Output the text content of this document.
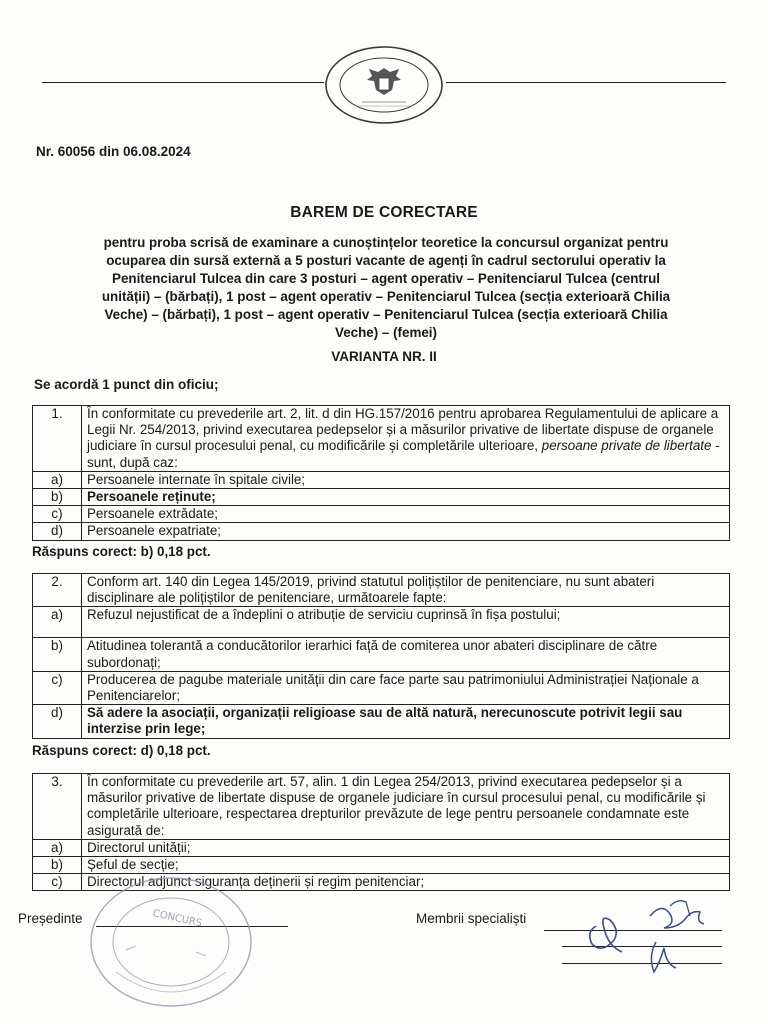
Nr. 60056 din 06.08.2024
BAREM DE CORECTARE
pentru proba scrisă de examinare a cunoștințelor teoretice la concursul organizat pentru
ocuparea din sursă externă a 5 posturi vacante de agenți în cadrul sectorului operativ la
Penitenciarul Tulcea din care 3 posturi – agent operativ – Penitenciarul Tulcea (centrul
unității) – (bărbați), 1 post – agent operativ – Penitenciarul Tulcea (secția exterioară Chilia
Veche) – (bărbați), 1 post – agent operativ – Penitenciarul Tulcea (secția exterioară Chilia
Veche) – (femei)
VARIANTA NR. II
Se acordă 1 punct din oficiu;
1.	În conformitate cu prevederile art. 2, lit. d din HG.157/2016 pentru aprobarea Regulamentului de aplicare a Legii Nr. 254/2013, privind executarea pedepselor și a măsurilor privative de libertate dispuse de organele judiciare în cursul procesului penal, cu modificările și completările ulterioare, persoane private de libertate - sunt, după caz:
a)	Persoanele internate în spitale civile;
b)	Persoanele reținute;
c)	Persoanele extrădate;
d)	Persoanele expatriate;
Răspuns corect: b) 0,18 pct.
2.	Conform art. 140 din Legea 145/2019, privind statutul polițiștilor de penitenciare, nu sunt abateri disciplinare ale polițiștilor de penitenciare, următoarele fapte:
a)	Refuzul nejustificat de a îndeplini o atribuție de serviciu cuprinsă în fișa postului;
b)	Atitudinea tolerantă a conducătorilor ierarhici față de comiterea unor abateri disciplinare de către subordonați;
c)	Producerea de pagube materiale unității din care face parte sau patrimoniului Administrației Naționale a Penitenciarelor;
d)	Să adere la asociații, organizații religioase sau de altă natură, nerecunoscute potrivit legii sau interzise prin lege;
Răspuns corect: d) 0,18 pct.
3.	În conformitate cu prevederile art. 57, alin. 1 din Legea 254/2013, privind executarea pedepselor și a măsurilor privative de libertate dispuse de organele judiciare în cursul procesului penal, cu modificările și completările ulterioare, respectarea drepturilor prevăzute de lege pentru persoanele condamnate este asigurată de:
a)	Directorul unității;
b)	Șeful de secție;
c)	Directorul adjunct siguranța deținerii și regim penitenciar;
Președinte	CONCURS	Membrii specialiști
